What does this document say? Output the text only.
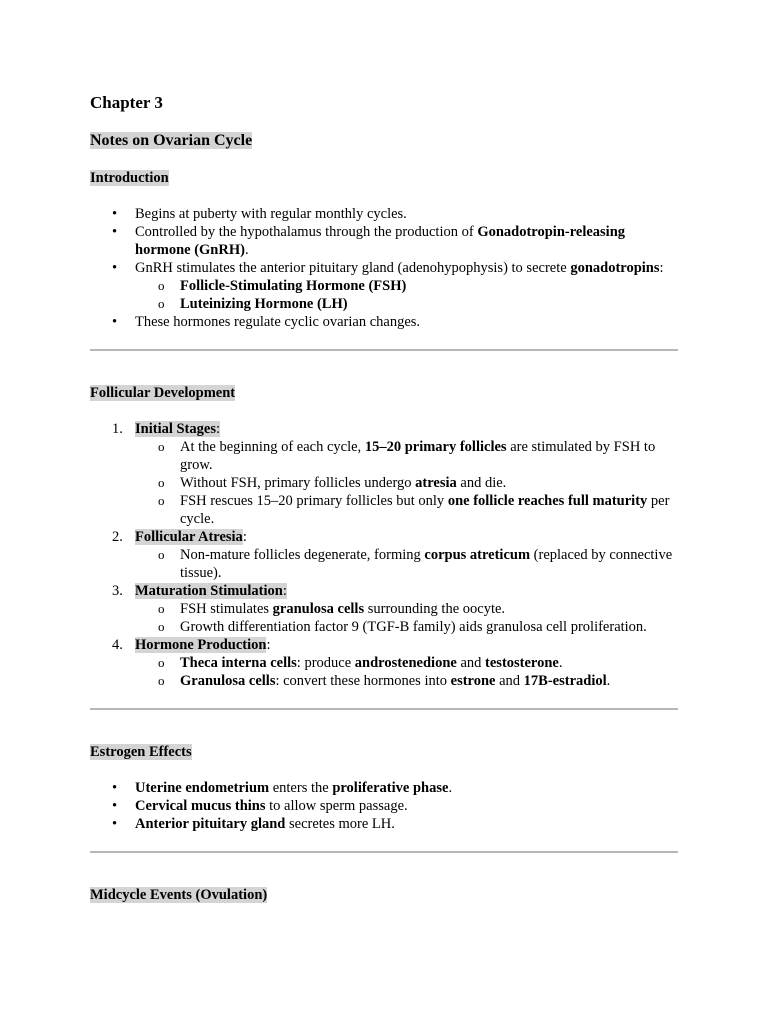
Chapter 3
Notes on Ovarian Cycle
Introduction
• Begins at puberty with regular monthly cycles.
• Controlled by the hypothalamus through the production of Gonadotropin-releasing hormone (GnRH).
• GnRH stimulates the anterior pituitary gland (adenohypophysis) to secrete gonadotropins:
o Follicle-Stimulating Hormone (FSH)
o Luteinizing Hormone (LH)
• These hormones regulate cyclic ovarian changes.
Follicular Development
1. Initial Stages:
o At the beginning of each cycle, 15–20 primary follicles are stimulated by FSH to grow.
o Without FSH, primary follicles undergo atresia and die.
o FSH rescues 15–20 primary follicles but only one follicle reaches full maturity per cycle.
2. Follicular Atresia:
o Non-mature follicles degenerate, forming corpus atreticum (replaced by connective tissue).
3. Maturation Stimulation:
o FSH stimulates granulosa cells surrounding the oocyte.
o Growth differentiation factor 9 (TGF-B family) aids granulosa cell proliferation.
4. Hormone Production:
o Theca interna cells: produce androstenedione and testosterone.
o Granulosa cells: convert these hormones into estrone and 17B-estradiol.
Estrogen Effects
• Uterine endometrium enters the proliferative phase.
• Cervical mucus thins to allow sperm passage.
• Anterior pituitary gland secretes more LH.
Midcycle Events (Ovulation)
